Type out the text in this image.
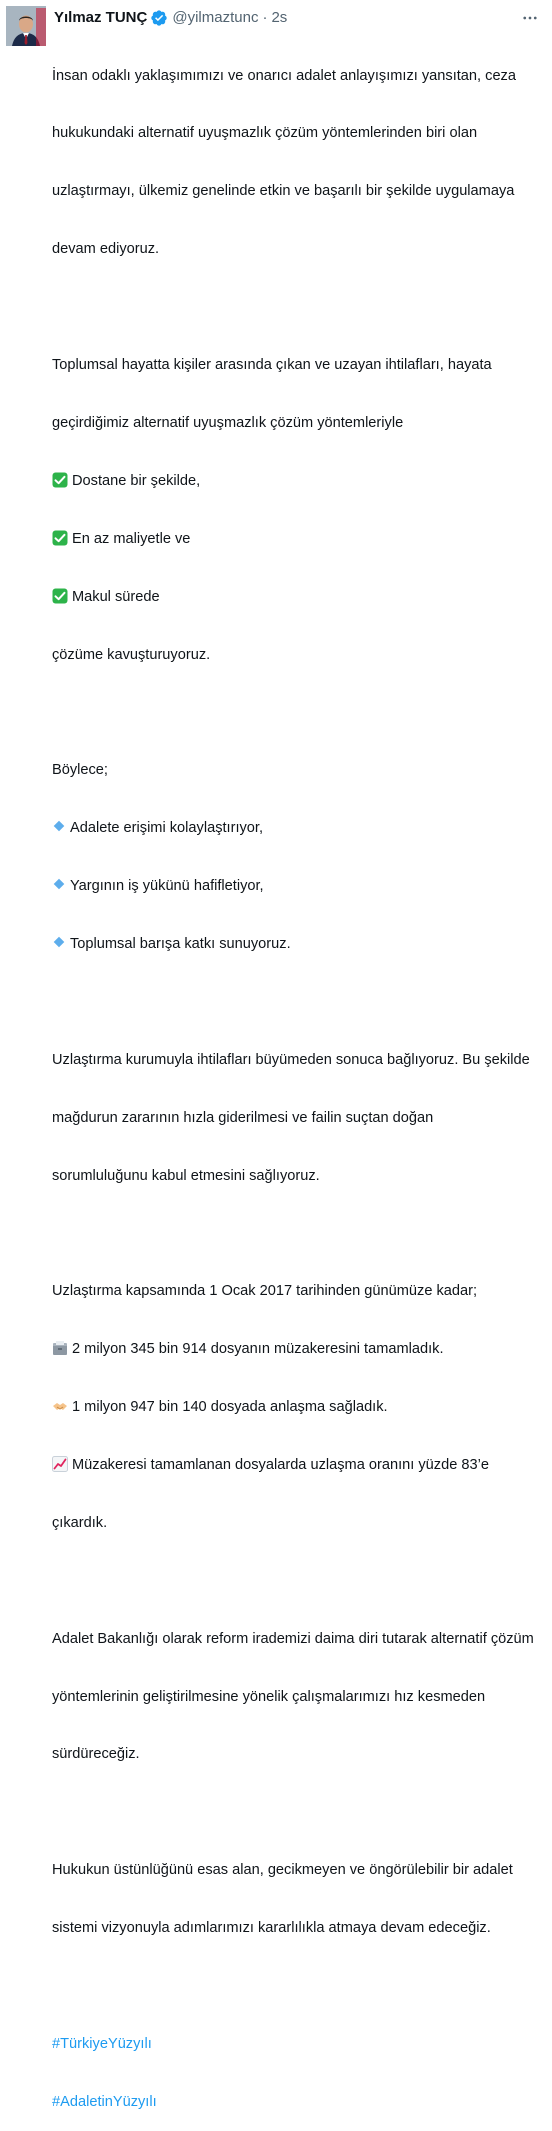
Yılmaz TUNÇ @yilmaztunc · 2s

İnsan odaklı yaklaşımımızı ve onarıcı adalet anlayışımızı yansıtan, ceza

hukukundaki alternatif uyuşmazlık çözüm yöntemlerinden biri olan

uzlaştırmayı, ülkemiz genelinde etkin ve başarılı bir şekilde uygulamaya

devam ediyoruz.

Toplumsal hayatta kişiler arasında çıkan ve uzayan ihtilafları, hayata

geçirdiğimiz alternatif uyuşmazlık çözüm yöntemleriyle

Dostane bir şekilde,

En az maliyetle ve

Makul sürede

çözüme kavuşturuyoruz.

Böylece;

Adalete erişimi kolaylaştırıyor,

Yargının iş yükünü hafifletiyor,

Toplumsal barışa katkı sunuyoruz.

Uzlaştırma kurumuyla ihtilafları büyümeden sonuca bağlıyoruz. Bu şekilde

mağdurun zararının hızla giderilmesi ve failin suçtan doğan

sorumluluğunu kabul etmesini sağlıyoruz.

Uzlaştırma kapsamında 1 Ocak 2017 tarihinden günümüze kadar;

2 milyon 345 bin 914 dosyanın müzakeresini tamamladık.

1 milyon 947 bin 140 dosyada anlaşma sağladık.

Müzakeresi tamamlanan dosyalarda uzlaşma oranını yüzde 83’e

çıkardık.

Adalet Bakanlığı olarak reform irademizi daima diri tutarak alternatif çözüm

yöntemlerinin geliştirilmesine yönelik çalışmalarımızı hız kesmeden

sürdüreceğiz.

Hukukun üstünlüğünü esas alan, gecikmeyen ve öngörülebilir bir adalet

sistemi vizyonuyla adımlarımızı kararlılıkla atmaya devam edeceğiz.

#TürkiyeYüzyılı

#AdaletinYüzyılı
